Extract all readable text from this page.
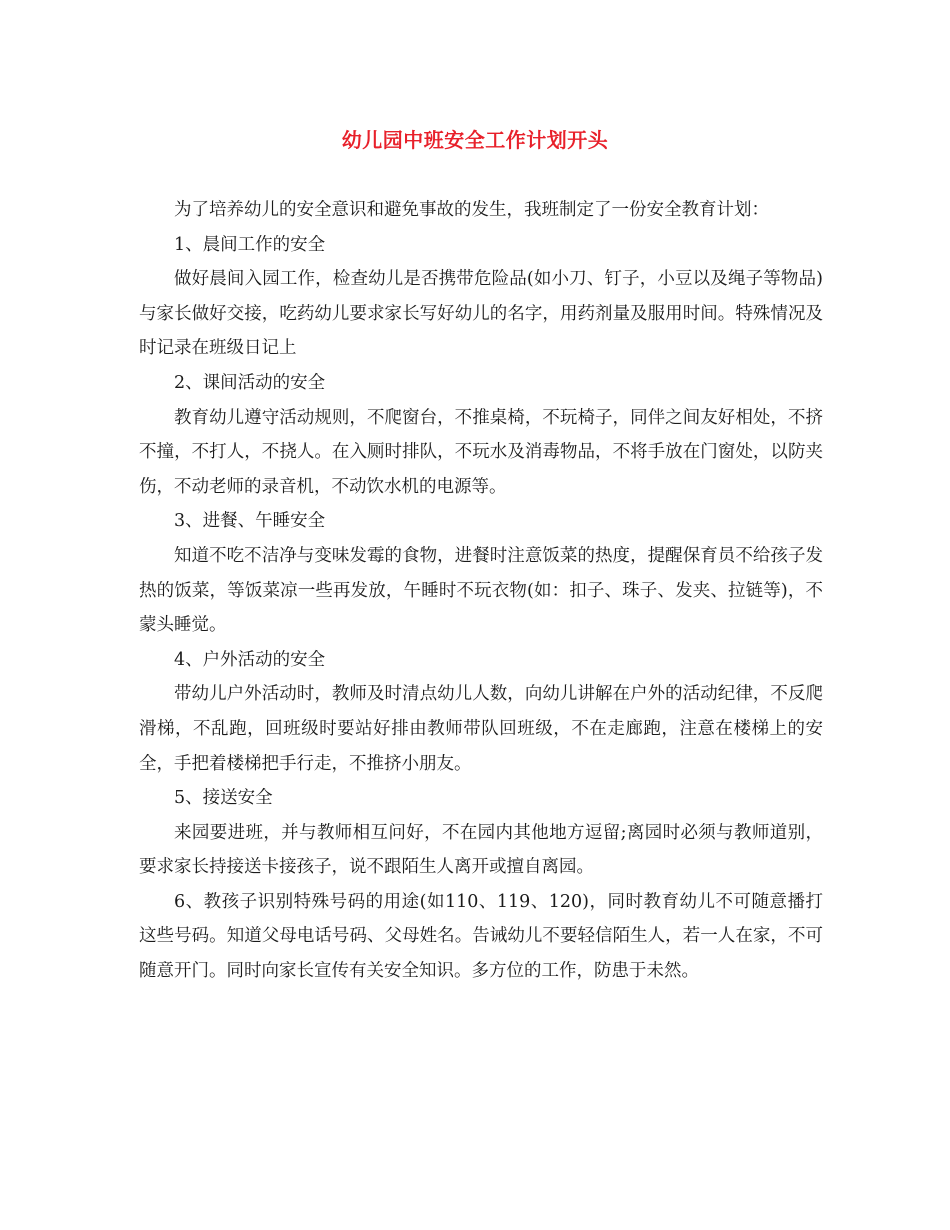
幼儿园中班安全工作计划开头

为了培养幼儿的安全意识和避免事故的发生，我班制定了一份安全教育计划：

1、晨间工作的安全

做好晨间入园工作，检查幼儿是否携带危险品(如小刀、钉子，小豆以及绳子等物品)与家长做好交接，吃药幼儿要求家长写好幼儿的名字，用药剂量及服用时间。特殊情况及时记录在班级日记上

2、课间活动的安全

教育幼儿遵守活动规则，不爬窗台，不推桌椅，不玩椅子，同伴之间友好相处，不挤不撞，不打人，不挠人。在入厕时排队，不玩水及消毒物品，不将手放在门窗处，以防夹伤，不动老师的录音机，不动饮水机的电源等。

3、进餐、午睡安全

知道不吃不洁净与变味发霉的食物，进餐时注意饭菜的热度，提醒保育员不给孩子发热的饭菜，等饭菜凉一些再发放，午睡时不玩衣物(如：扣子、珠子、发夹、拉链等)，不蒙头睡觉。

4、户外活动的安全

带幼儿户外活动时，教师及时清点幼儿人数，向幼儿讲解在户外的活动纪律，不反爬滑梯，不乱跑，回班级时要站好排由教师带队回班级，不在走廊跑，注意在楼梯上的安全，手把着楼梯把手行走，不推挤小朋友。

5、接送安全

来园要进班，并与教师相互问好，不在园内其他地方逗留;离园时必须与教师道别，要求家长持接送卡接孩子，说不跟陌生人离开或擅自离园。

6、教孩子识别特殊号码的用途(如110、119、120)，同时教育幼儿不可随意播打这些号码。知道父母电话号码、父母姓名。告诫幼儿不要轻信陌生人，若一人在家，不可随意开门。同时向家长宣传有关安全知识。多方位的工作，防患于未然。
